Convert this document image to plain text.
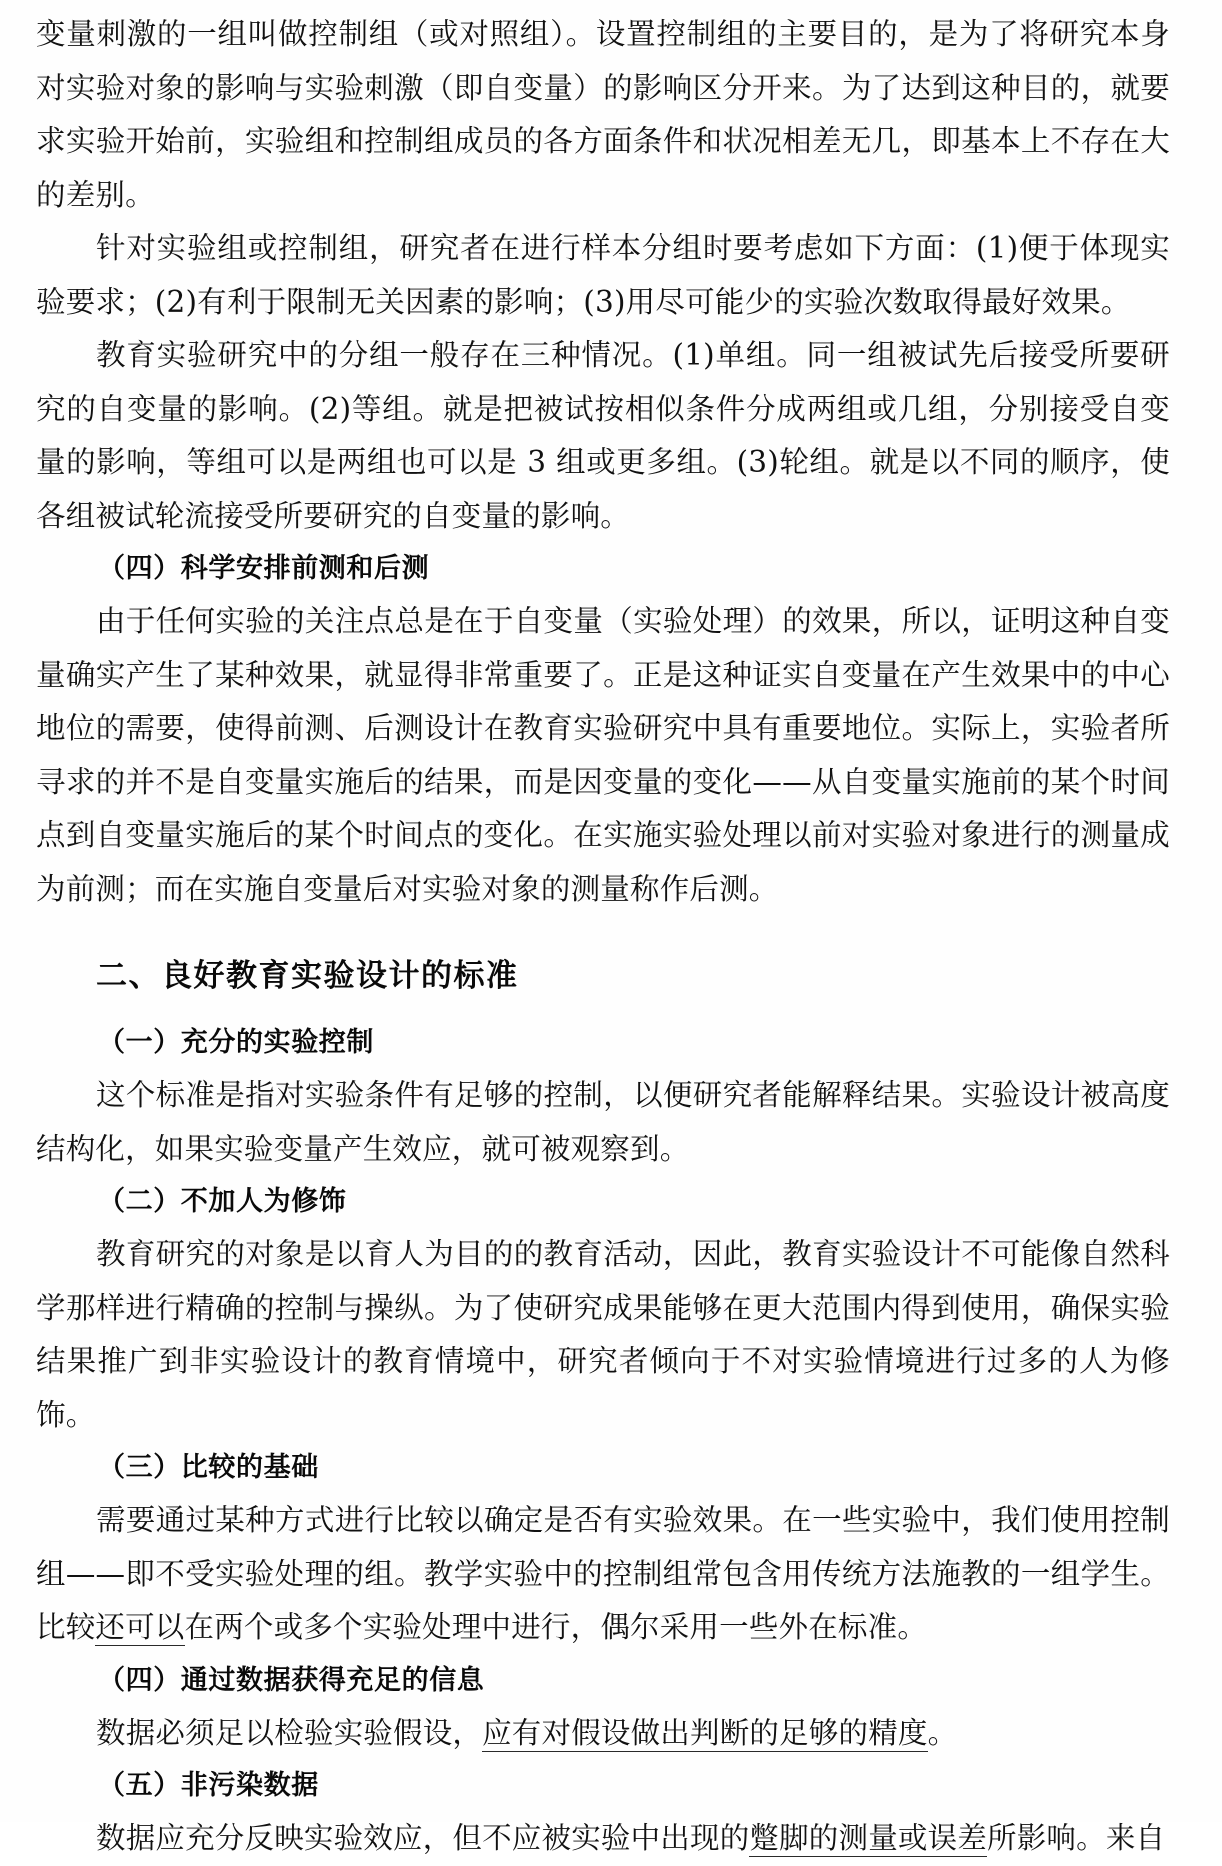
变量刺激的一组叫做控制组（或对照组）。设置控制组的主要目的，是为了将研究本身对实验对象的影响与实验刺激（即自变量）的影响区分开来。为了达到这种目的，就要求实验开始前，实验组和控制组成员的各方面条件和状况相差无几，即基本上不存在大的差别。

针对实验组或控制组，研究者在进行样本分组时要考虑如下方面：(1)便于体现实验要求；(2)有利于限制无关因素的影响；(3)用尽可能少的实验次数取得最好效果。

教育实验研究中的分组一般存在三种情况。(1)单组。同一组被试先后接受所要研究的自变量的影响。(2)等组。就是把被试按相似条件分成两组或几组，分别接受自变量的影响，等组可以是两组也可以是 3 组或更多组。(3)轮组。就是以不同的顺序，使各组被试轮流接受所要研究的自变量的影响。

（四）科学安排前测和后测

由于任何实验的关注点总是在于自变量（实验处理）的效果，所以，证明这种自变量确实产生了某种效果，就显得非常重要了。正是这种证实自变量在产生效果中的中心地位的需要，使得前测、后测设计在教育实验研究中具有重要地位。实际上，实验者所寻求的并不是自变量实施后的结果，而是因变量的变化——从自变量实施前的某个时间点到自变量实施后的某个时间点的变化。在实施实验处理以前对实验对象进行的测量成为前测；而在实施自变量后对实验对象的测量称作后测。

二、良好教育实验设计的标准
（一）充分的实验控制

这个标准是指对实验条件有足够的控制，以便研究者能解释结果。实验设计被高度结构化，如果实验变量产生效应，就可被观察到。

（二）不加人为修饰

教育研究的对象是以育人为目的的教育活动，因此，教育实验设计不可能像自然科学那样进行精确的控制与操纵。为了使研究成果能够在更大范围内得到使用，确保实验结果推广到非实验设计的教育情境中，研究者倾向于不对实验情境进行过多的人为修饰。

（三）比较的基础

需要通过某种方式进行比较以确定是否有实验效果。在一些实验中，我们使用控制组——即不受实验处理的组。教学实验中的控制组常包含用传统方法施教的一组学生。比较还可以在两个或多个实验处理中进行，偶尔采用一些外在标准。

（四）通过数据获得充足的信息

数据必须足以检验实验假设，应有对假设做出判断的足够的精度。

（五）非污染数据

数据应充分反映实验效应，但不应被实验中出现的蹩脚的测量或误差所影响。来自
